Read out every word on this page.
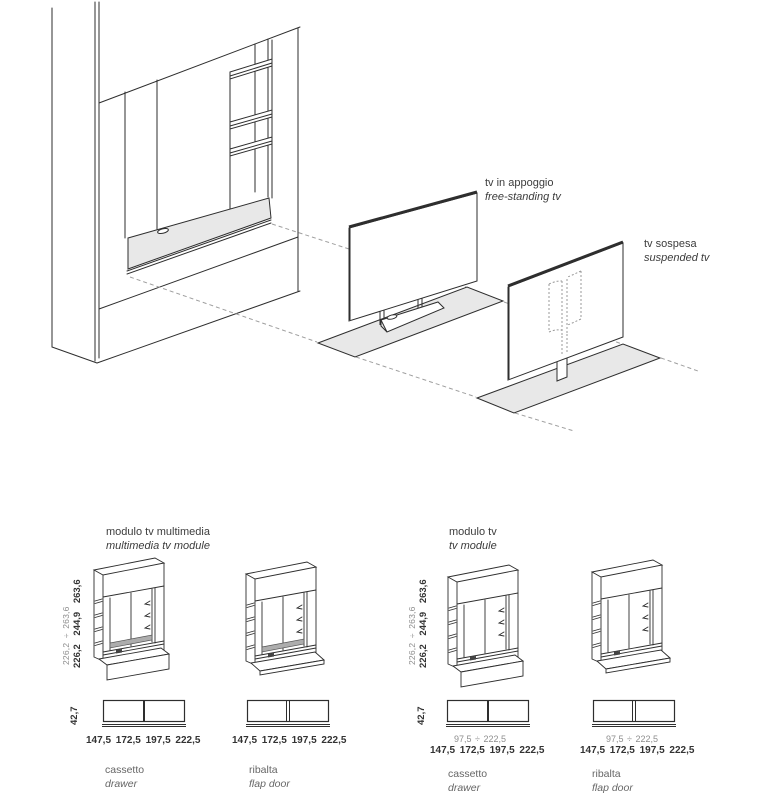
tv in appoggio
free-standing tv
tv sospesa
suspended tv
modulo tv multimedia
multimedia tv module
modulo tv
tv module
226,2 ÷ 263,6 226,2 244,9 263,6	226,2 ÷ 263,6 226,2 244,9 263,6
42,7	42,7
147,5 172,5 197,5 222,5	147,5 172,5 197,5 222,5	97,5 ÷ 222,5
147,5 172,5 197,5 222,5
97,5 ÷ 222,5
147,5 172,5 197,5 222,5
cassetto
drawer
ribalta
flap door
cassetto
drawer
ribalta
flap door
